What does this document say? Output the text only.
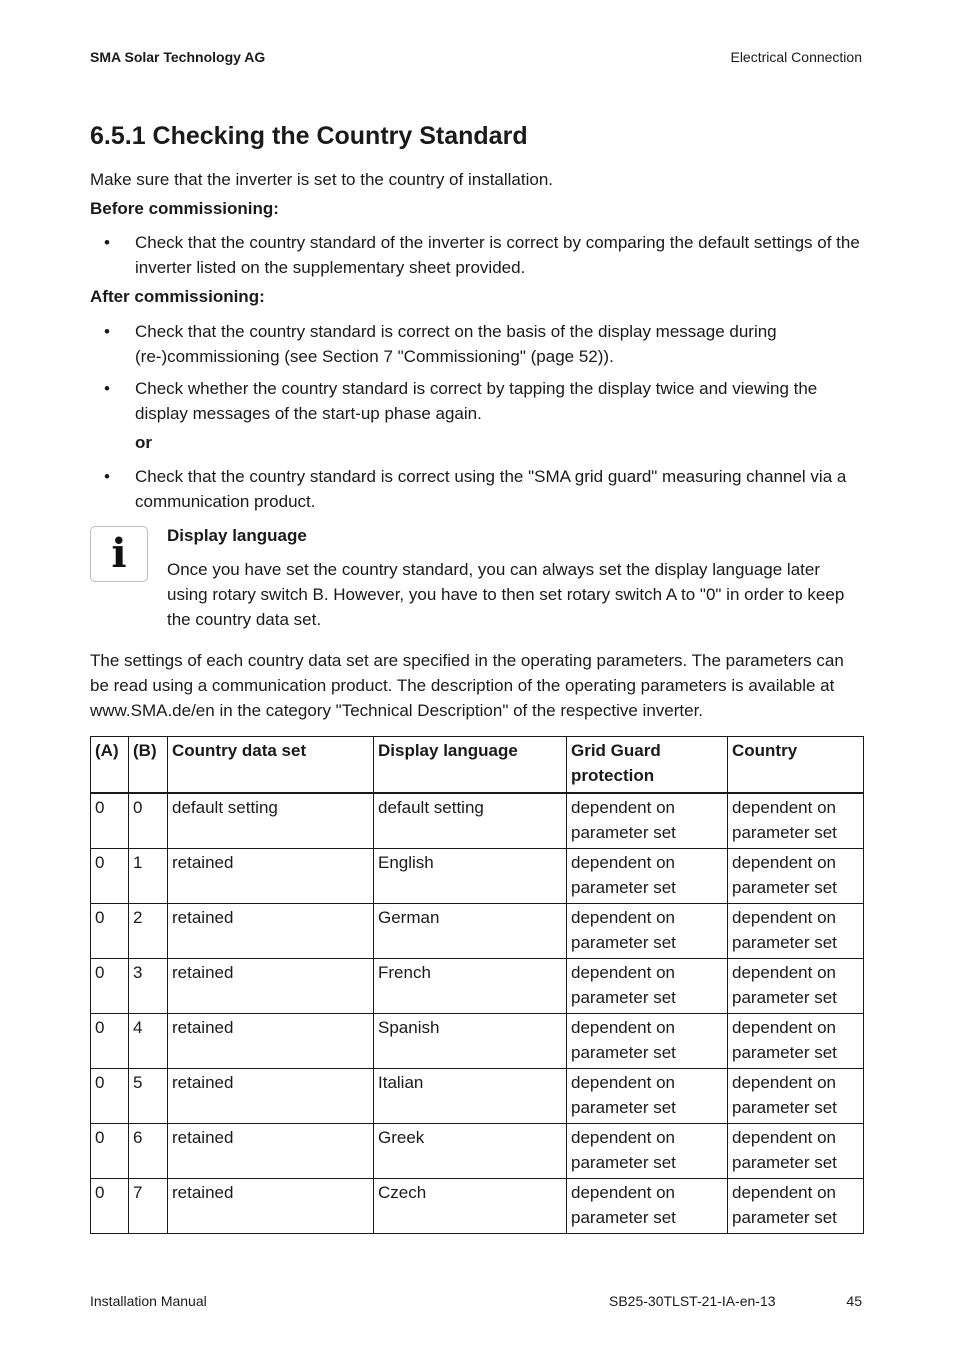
SMA Solar Technology AG	Electrical Connection
6.5.1 Checking the Country Standard
Make sure that the inverter is set to the country of installation.
Before commissioning:
• Check that the country standard of the inverter is correct by comparing the default settings of the inverter listed on the supplementary sheet provided.
After commissioning:
• Check that the country standard is correct on the basis of the display message during (re-)commissioning (see Section 7 "Commissioning" (page 52)).
• Check whether the country standard is correct by tapping the display twice and viewing the display messages of the start-up phase again.
or
• Check that the country standard is correct using the "SMA grid guard" measuring channel via a communication product.
i Display language
Once you have set the country standard, you can always set the display language later using rotary switch B. However, you have to then set rotary switch A to "0" in order to keep the country data set.
The settings of each country data set are specified in the operating parameters. The parameters can be read using a communication product. The description of the operating parameters is available at www.SMA.de/en in the category "Technical Description" of the respective inverter.
(A)	(B)	Country data set	Display language	Grid Guard protection	Country
0	0	default setting	default setting	dependent on parameter set	dependent on parameter set
0	1	retained	English	dependent on parameter set	dependent on parameter set
0	2	retained	German	dependent on parameter set	dependent on parameter set
0	3	retained	French	dependent on parameter set	dependent on parameter set
0	4	retained	Spanish	dependent on parameter set	dependent on parameter set
0	5	retained	Italian	dependent on parameter set	dependent on parameter set
0	6	retained	Greek	dependent on parameter set	dependent on parameter set
0	7	retained	Czech	dependent on parameter set	dependent on parameter set
Installation Manual	SB25-30TLST-21-IA-en-13	45
